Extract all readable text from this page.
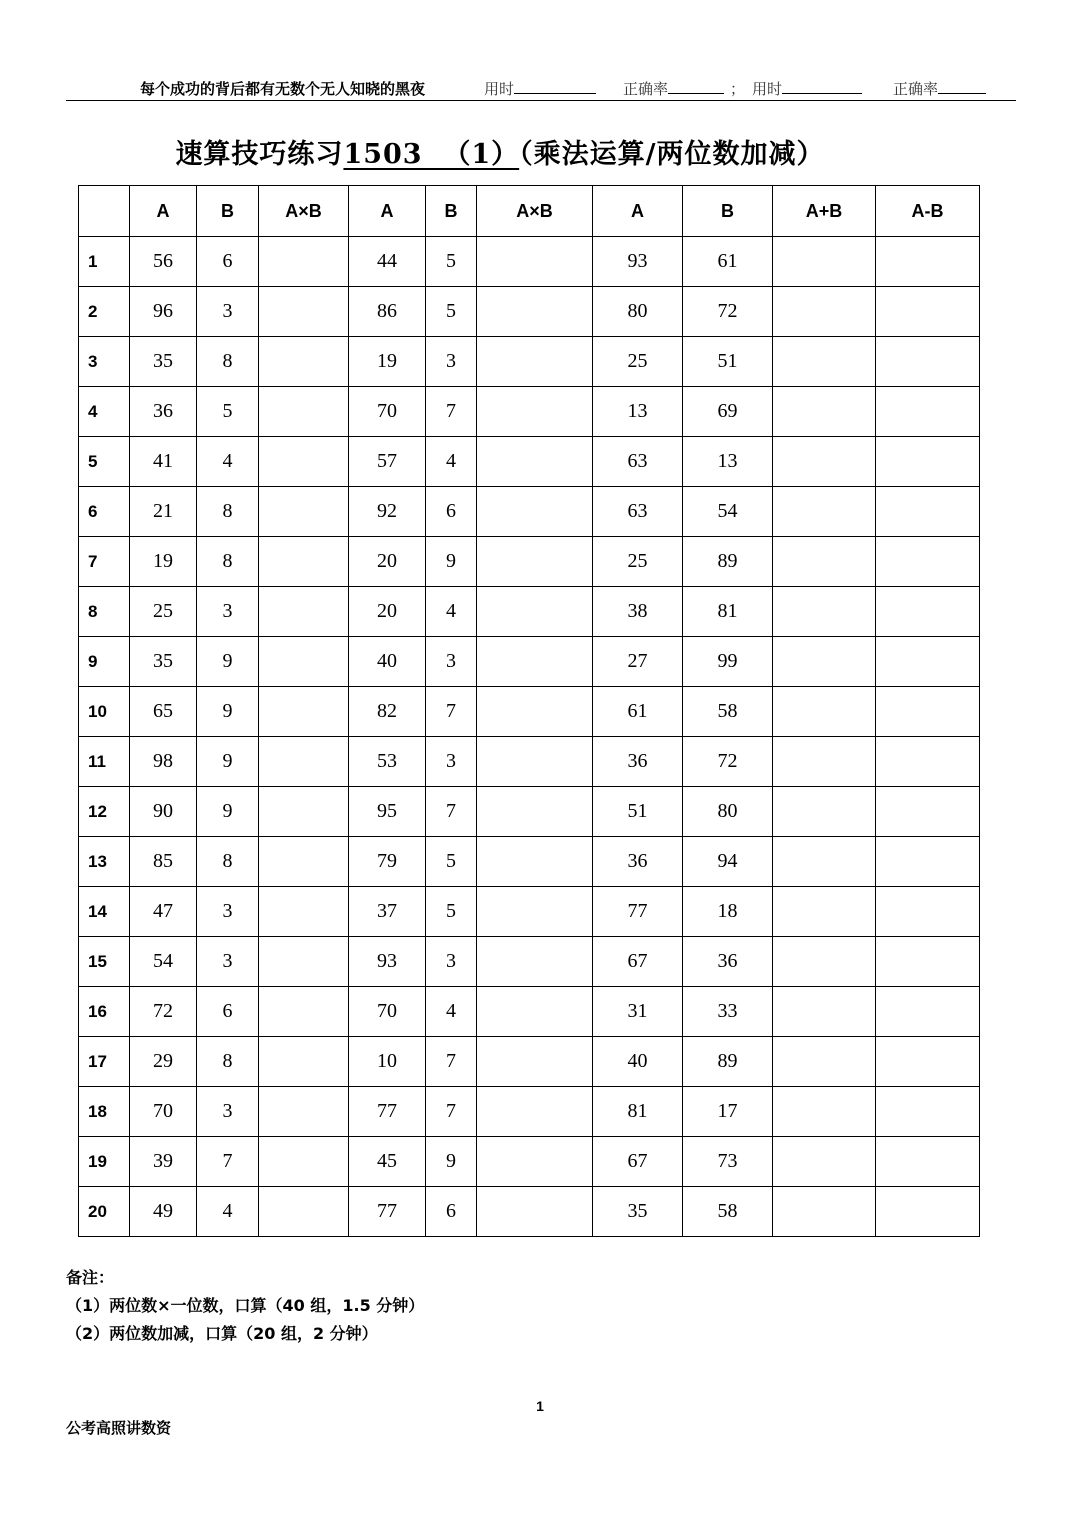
每个成功的背后都有无数个无人知晓的黑夜	用时	正确率	； 用时	正确率
速算技巧练习1503  （1）（乘法运算/两位数加减）
	A	B	A×B	A	B	A×B	A	B	A+B	A-B
1	56	6		44	5		93	61		
2	96	3		86	5		80	72		
3	35	8		19	3		25	51		
4	36	5		70	7		13	69		
5	41	4		57	4		63	13		
6	21	8		92	6		63	54		
7	19	8		20	9		25	89		
8	25	3		20	4		38	81		
9	35	9		40	3		27	99		
10	65	9		82	7		61	58		
11	98	9		53	3		36	72		
12	90	9		95	7		51	80		
13	85	8		79	5		36	94		
14	47	3		37	5		77	18		
15	54	3		93	3		67	36		
16	72	6		70	4		31	33		
17	29	8		10	7		40	89		
18	70	3		77	7		81	17		
19	39	7		45	9		67	73		
20	49	4		77	6		35	58		
备注：
（1）两位数×一位数，口算（40 组，1.5 分钟）
（2）两位数加减，口算（20 组，2 分钟）
1
公考高照讲数资
